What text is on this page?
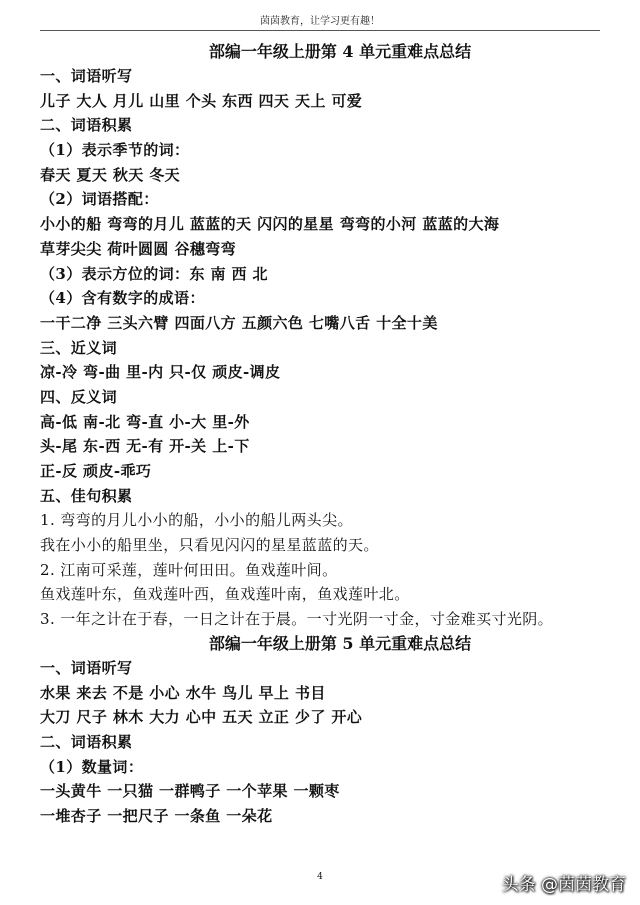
茵茵教育，让学习更有趣！
部编一年级上册第 4 单元重难点总结
一、词语听写
儿子 大人 月儿 山里 个头 东西 四天 天上 可爱
二、词语积累
（1）表示季节的词：
春天 夏天 秋天 冬天
（2）词语搭配：
小小的船 弯弯的月儿 蓝蓝的天 闪闪的星星 弯弯的小河 蓝蓝的大海
草芽尖尖 荷叶圆圆 谷穗弯弯
（3）表示方位的词：东 南 西 北
（4）含有数字的成语：
一干二净 三头六臂 四面八方 五颜六色 七嘴八舌 十全十美
三、近义词
凉-冷 弯-曲 里-内 只-仅 顽皮-调皮
四、反义词
高-低 南-北 弯-直 小-大 里-外
头-尾 东-西 无-有 开-关 上-下
正-反 顽皮-乖巧
五、佳句积累
1. 弯弯的月儿小小的船，小小的船儿两头尖。
我在小小的船里坐，只看见闪闪的星星蓝蓝的天。
2. 江南可采莲，莲叶何田田。鱼戏莲叶间。
鱼戏莲叶东，鱼戏莲叶西，鱼戏莲叶南，鱼戏莲叶北。
3. 一年之计在于春，一日之计在于晨。一寸光阴一寸金，寸金难买寸光阴。
部编一年级上册第 5 单元重难点总结
一、词语听写
水果 来去 不是 小心 水牛 鸟儿 早上 书目
大刀 尺子 林木 大力 心中 五天 立正 少了 开心
二、词语积累
（1）数量词：
一头黄牛 一只猫 一群鸭子 一个苹果 一颗枣
一堆杏子 一把尺子 一条鱼 一朵花
4	头条 @茵茵教育
